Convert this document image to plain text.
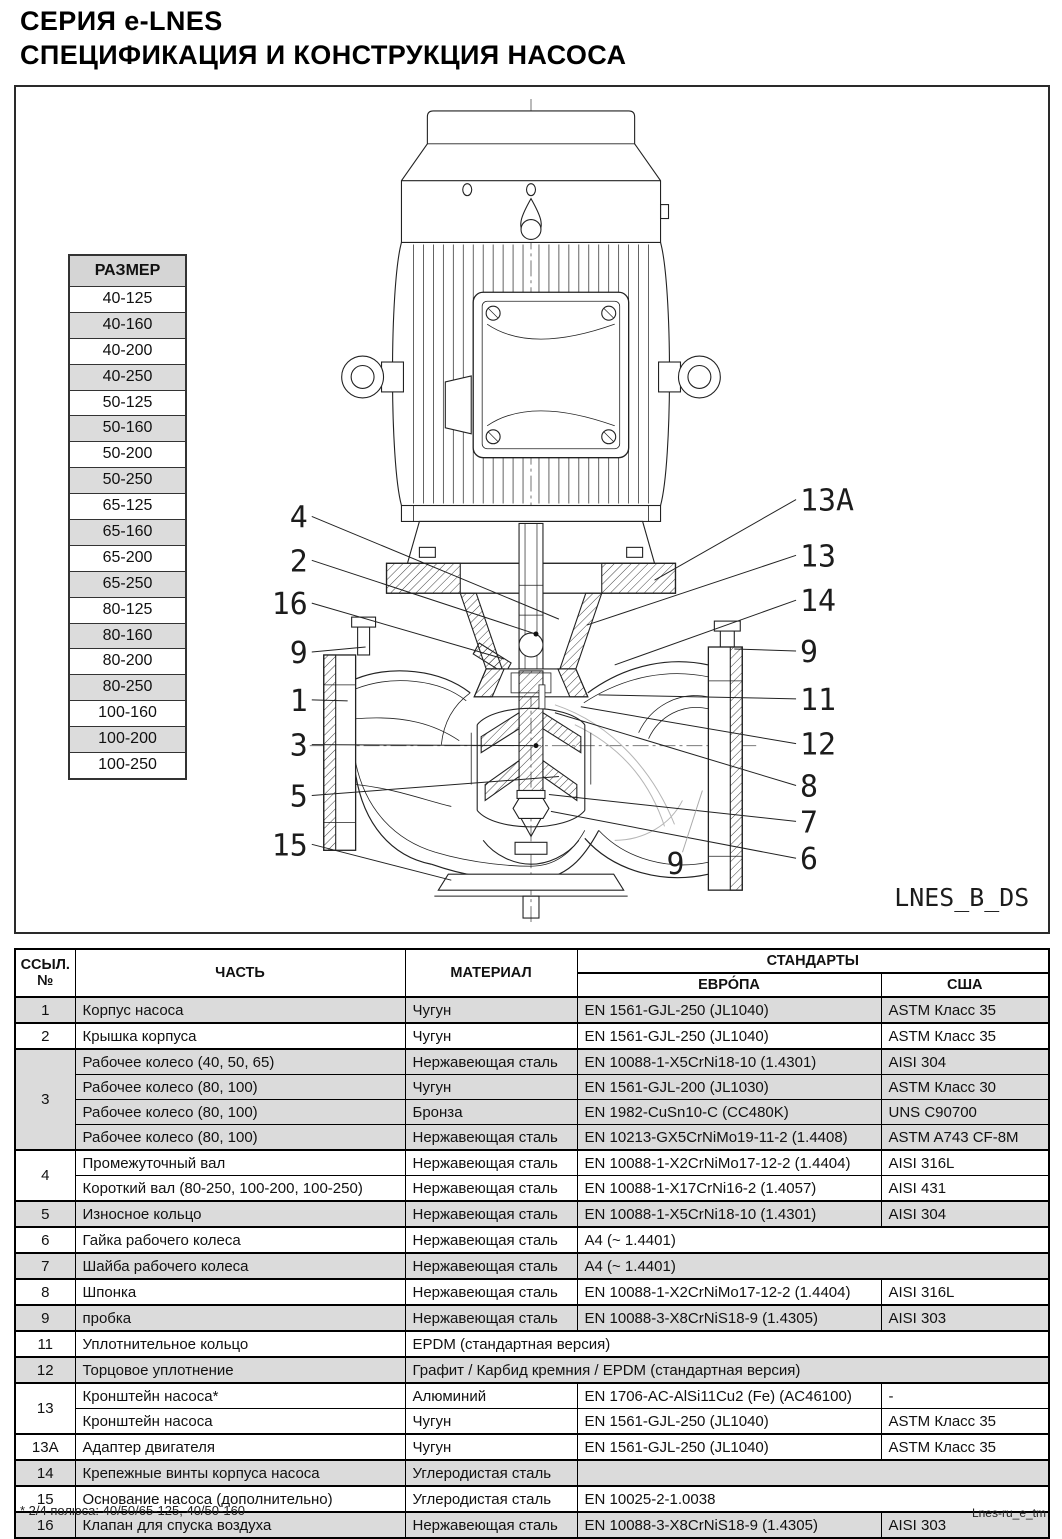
СЕРИЯ e-LNES
СПЕЦИФИКАЦИЯ И КОНСТРУКЦИЯ НАСОСА
4
2
16
9
1
3
5
15
13A
13
14
9
11
12
8
7
6
9
LNES_B_DS
РАЗМЕР
40-125
40-160
40-200
40-250
50-125
50-160
50-200
50-250
65-125
65-160
65-200
65-250
80-125
80-160
80-200
80-250
100-160
100-200
100-250
ССЫЛ.
№	ЧАСТЬ	МАТЕРИАЛ	СТАНДАРТЫ	
			ЕВРО́ПА	США
1	Корпус насоса	Чугун	EN 1561-GJL-250 (JL1040)	ASTM Класс 35
2	Крышка корпуса	Чугун	EN 1561-GJL-250 (JL1040)	ASTM Класс 35
3	Рабочее колесо (40, 50, 65)	Нержавеющая сталь	EN 10088-1-X5CrNi18-10 (1.4301)	AISI 304
	Рабочее колесо (80, 100)	Чугун	EN 1561-GJL-200 (JL1030)	ASTM Класс 30
	Рабочее колесо (80, 100)	Бронза	EN 1982-CuSn10-C (CC480K)	UNS C90700
	Рабочее колесо (80, 100)	Нержавеющая сталь	EN 10213-GX5CrNiMo19-11-2 (1.4408)	ASTM A743 CF-8M
4	Промежуточный вал	Нержавеющая сталь	EN 10088-1-X2CrNiMo17-12-2 (1.4404)	AISI 316L
	Короткий вал (80-250, 100-200, 100-250)	Нержавеющая сталь	EN 10088-1-X17CrNi16-2 (1.4057)	AISI 431
5	Износное кольцо	Нержавеющая сталь	EN 10088-1-X5CrNi18-10 (1.4301)	AISI 304
6	Гайка рабочего колеса	Нержавеющая сталь	A4 (~ 1.4401)	
7	Шайба рабочего колеса	Нержавеющая сталь	A4 (~ 1.4401)	
8	Шпонка	Нержавеющая сталь	EN 10088-1-X2CrNiMo17-12-2 (1.4404)	AISI 316L
9	пробка	Нержавеющая сталь	EN 10088-3-X8CrNiS18-9 (1.4305)	AISI 303
11	Уплотнительное кольцо	EPDM (стандартная версия)		
12	Торцовое уплотнение	Графит / Карбид кремния / EPDM (стандартная версия)		
13	Кронштейн насоса*	Алюминий	EN 1706-AC-AlSi11Cu2 (Fe) (AC46100)	-
	Кронштейн насоса	Чугун	EN 1561-GJL-250 (JL1040)	ASTM Класс 35
13A	Адаптер двигателя	Чугун	EN 1561-GJL-250 (JL1040)	ASTM Класс 35
14	Крепежные винты корпуса насоса	Углеродистая сталь		
15	Основание насоса (дополнительно)	Углеродистая сталь	EN 10025-2-1.0038	
16	Клапан для спуска воздуха	Нержавеющая сталь	EN 10088-3-X8CrNiS18-9 (1.4305)	AISI 303
* 2/4 полюса: 40/50/65-125, 40/50-160	Lnes-ru_e_tm
